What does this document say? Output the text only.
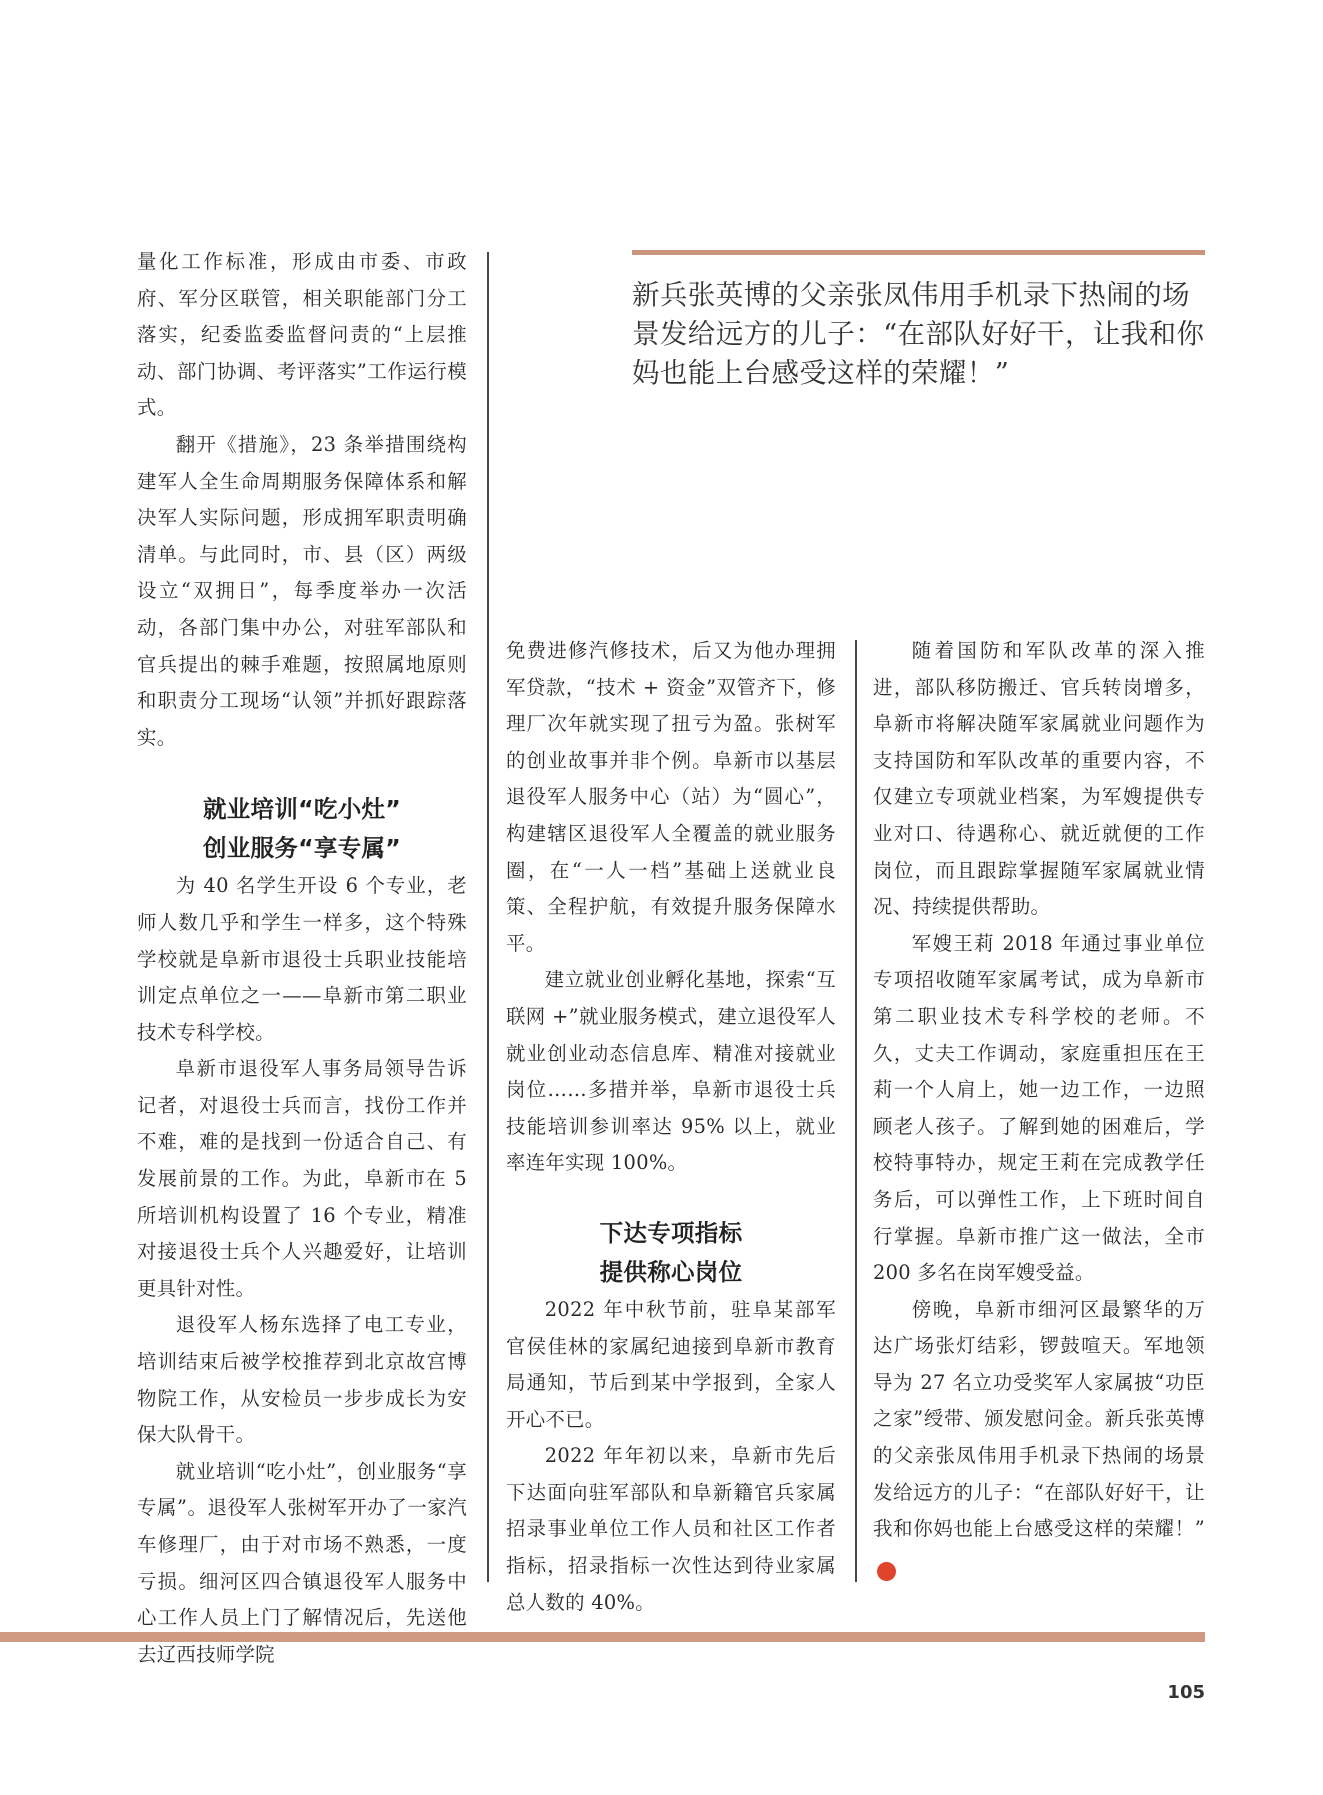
新兵张英博的父亲张凤伟用手机录下热闹的场景发给远方的儿子：“在部队好好干，让我和你妈也能上台感受这样的荣耀！”

量化工作标准，形成由市委、市政府、军分区联管，相关职能部门分工落实，纪委监委监督问责的“上层推动、部门协调、考评落实”工作运行模式。

翻开《措施》，23 条举措围绕构建军人全生命周期服务保障体系和解决军人实际问题，形成拥军职责明确清单。与此同时，市、县（区）两级设立“双拥日”，每季度举办一次活动，各部门集中办公，对驻军部队和官兵提出的棘手难题，按照属地原则和职责分工现场“认领”并抓好跟踪落实。

就业培训“吃小灶”
创业服务“享专属”

为 40 名学生开设 6 个专业，老师人数几乎和学生一样多，这个特殊学校就是阜新市退役士兵职业技能培训定点单位之一——阜新市第二职业技术专科学校。

阜新市退役军人事务局领导告诉记者，对退役士兵而言，找份工作并不难，难的是找到一份适合自己、有发展前景的工作。为此，阜新市在 5 所培训机构设置了 16 个专业，精准对接退役士兵个人兴趣爱好，让培训更具针对性。

退役军人杨东选择了电工专业，培训结束后被学校推荐到北京故宫博物院工作，从安检员一步步成长为安保大队骨干。

就业培训“吃小灶”，创业服务“享专属”。退役军人张树军开办了一家汽车修理厂，由于对市场不熟悉，一度亏损。细河区四合镇退役军人服务中心工作人员上门了解情况后，先送他去辽西技师学院

免费进修汽修技术，后又为他办理拥军贷款，“技术 + 资金”双管齐下，修理厂次年就实现了扭亏为盈。张树军的创业故事并非个例。阜新市以基层退役军人服务中心（站）为“圆心”，构建辖区退役军人全覆盖的就业服务圈，在“一人一档”基础上送就业良策、全程护航，有效提升服务保障水平。

建立就业创业孵化基地，探索“互联网 +”就业服务模式，建立退役军人就业创业动态信息库、精准对接就业岗位……多措并举，阜新市退役士兵技能培训参训率达 95% 以上，就业率连年实现 100%。

下达专项指标
提供称心岗位

2022 年中秋节前，驻阜某部军官侯佳林的家属纪迪接到阜新市教育局通知，节后到某中学报到，全家人开心不已。

2022 年年初以来，阜新市先后下达面向驻军部队和阜新籍官兵家属招录事业单位工作人员和社区工作者指标，招录指标一次性达到待业家属总人数的 40%。

随着国防和军队改革的深入推进，部队移防搬迁、官兵转岗增多，阜新市将解决随军家属就业问题作为支持国防和军队改革的重要内容，不仅建立专项就业档案，为军嫂提供专业对口、待遇称心、就近就便的工作岗位，而且跟踪掌握随军家属就业情况、持续提供帮助。

军嫂王莉 2018 年通过事业单位专项招收随军家属考试，成为阜新市第二职业技术专科学校的老师。不久，丈夫工作调动，家庭重担压在王莉一个人肩上，她一边工作，一边照顾老人孩子。了解到她的困难后，学校特事特办，规定王莉在完成教学任务后，可以弹性工作，上下班时间自行掌握。阜新市推广这一做法，全市 200 多名在岗军嫂受益。

傍晚，阜新市细河区最繁华的万达广场张灯结彩，锣鼓喧天。军地领导为 27 名立功受奖军人家属披“功臣之家”绶带、颁发慰问金。新兵张英博的父亲张凤伟用手机录下热闹的场景发给远方的儿子：“在部队好好干，让我和你妈也能上台感受这样的荣耀！”N

105
